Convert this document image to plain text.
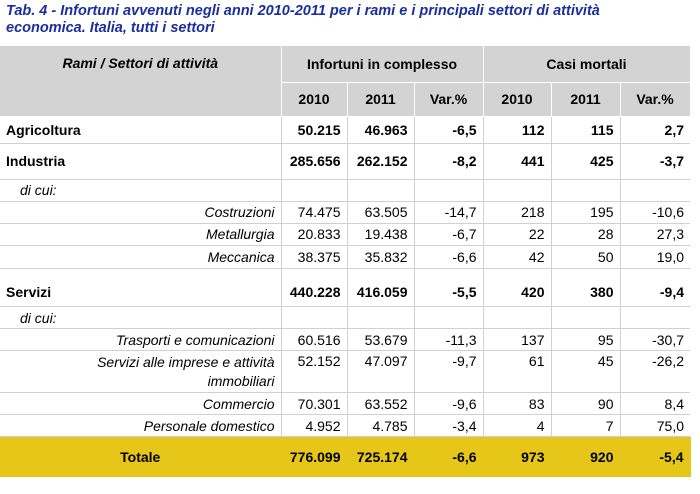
Tab. 4 - Infortuni avvenuti negli anni 2010-2011 per i rami e i principali settori di attività
economica. Italia, tutti i settori
Rami / Settori di attività	Infortuni in complesso			Casi mortali		
	2010	2011	Var.%	2010	2011	Var.%
Agricoltura	50.215	46.963	-6,5	112	115	2,7
Industria	285.656	262.152	-8,2	441	425	-3,7
di cui:						
Costruzioni	74.475	63.505	-14,7	218	195	-10,6
Metallurgia	20.833	19.438	-6,7	22	28	27,3
Meccanica	38.375	35.832	-6,6	42	50	19,0

Servizi	440.228	416.059	-5,5	420	380	-9,4
di cui:						
Trasporti e comunicazioni	60.516	53.679	-11,3	137	95	-30,7
Servizi alle imprese e attività immobiliari	52.152	47.097	-9,7	61	45	-26,2
Commercio	70.301	63.552	-9,6	83	90	8,4
Personale domestico	4.952	4.785	-3,4	4	7	75,0
Totale	776.099	725.174	-6,6	973	920	-5,4
